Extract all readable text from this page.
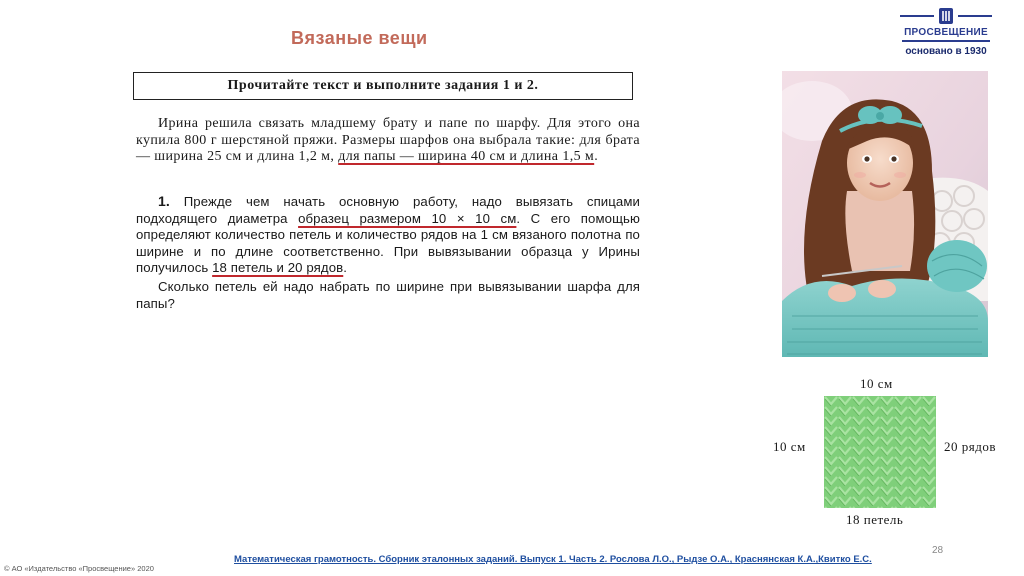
Вязаные вещи	ПРОСВЕЩЕНИЕ
основано в 1930
Прочитайте текст и выполните задания 1 и 2.
Ирина решила связать младшему брату и папе по шарфу. Для этого она купила 800 г шерстяной пряжи. Размеры шарфов она выбрала такие: для брата — ширина 25 см и длина 1,2 м, для папы — ширина 40 см и длина 1,5 м.
1. Прежде чем начать основную работу, надо вывязать спицами подходящего диаметра образец размером 10 × 10 см. С его помощью определяют количество петель и количество рядов на 1 см вязаного полотна по ширине и по длине соответственно. При вывязывании образца у Ирины получилось 18 петель и 20 рядов.
Сколько петель ей надо набрать по ширине при вывязывании шарфа для папы?
10 см
10 см	20 рядов
18 петель
Математическая грамотность. Сборник эталонных заданий. Выпуск 1. Часть 2. Рослова Л.О., Рыдзе О.А., Краснянская К.А.,Квитко Е.С.
© АО «Издательство «Просвещение» 2020
28
